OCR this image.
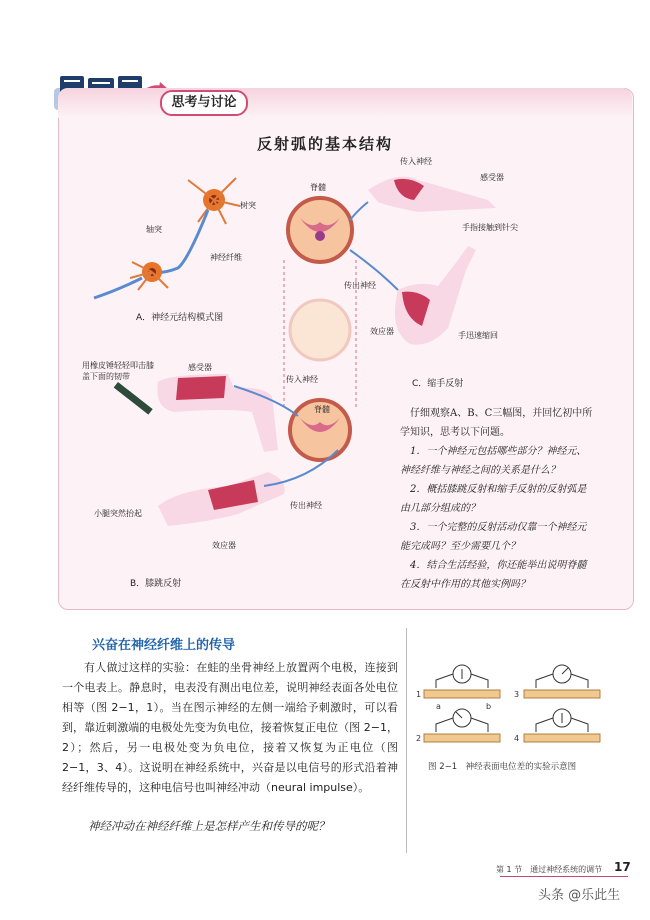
思考与讨论
反射弧的基本结构
树突
轴突
神经纤维
脊髓
传入神经
感受器
手指接触到针尖
传出神经
效应器	手迅速缩回
用橡皮锤轻轻叩击膝盖下面的韧带
感受器
传入神经
脊髓
小腿突然抬起
传出神经
效应器
A．神经元结构模式图
B．膝跳反射
C．缩手反射
仔细观察A、B、C三幅图，并回忆初中所学知识，思考以下问题。
1．一个神经元包括哪些部分？神经元、神经纤维与神经之间的关系是什么？
2．概括膝跳反射和缩手反射的反射弧是由几部分组成的？
3．一个完整的反射活动仅靠一个神经元能完成吗？至少需要几个？
4．结合生活经验，你还能举出说明脊髓在反射中作用的其他实例吗？
兴奋在神经纤维上的传导
有人做过这样的实验：在蛙的坐骨神经上放置两个电极，连接到一个电表上。静息时，电表没有测出电位差，说明神经表面各处电位相等（图 2−1，1）。当在图示神经的左侧一端给予刺激时，可以看到，靠近刺激端的电极处先变为负电位，接着恢复正电位（图 2−1，2）；然后，另一电极处变为负电位，接着又恢复为正电位（图 2−1，3、4）。这说明在神经系统中，兴奋是以电信号的形式沿着神经纤维传导的，这种电信号也叫神经冲动（neural impulse）。
神经冲动在神经纤维上是怎样产生和传导的呢？
1
2
3
4
a	b
图 2−1　神经表面电位差的实验示意图
第 1 节　通过神经系统的调节 17
头条 @乐此生
